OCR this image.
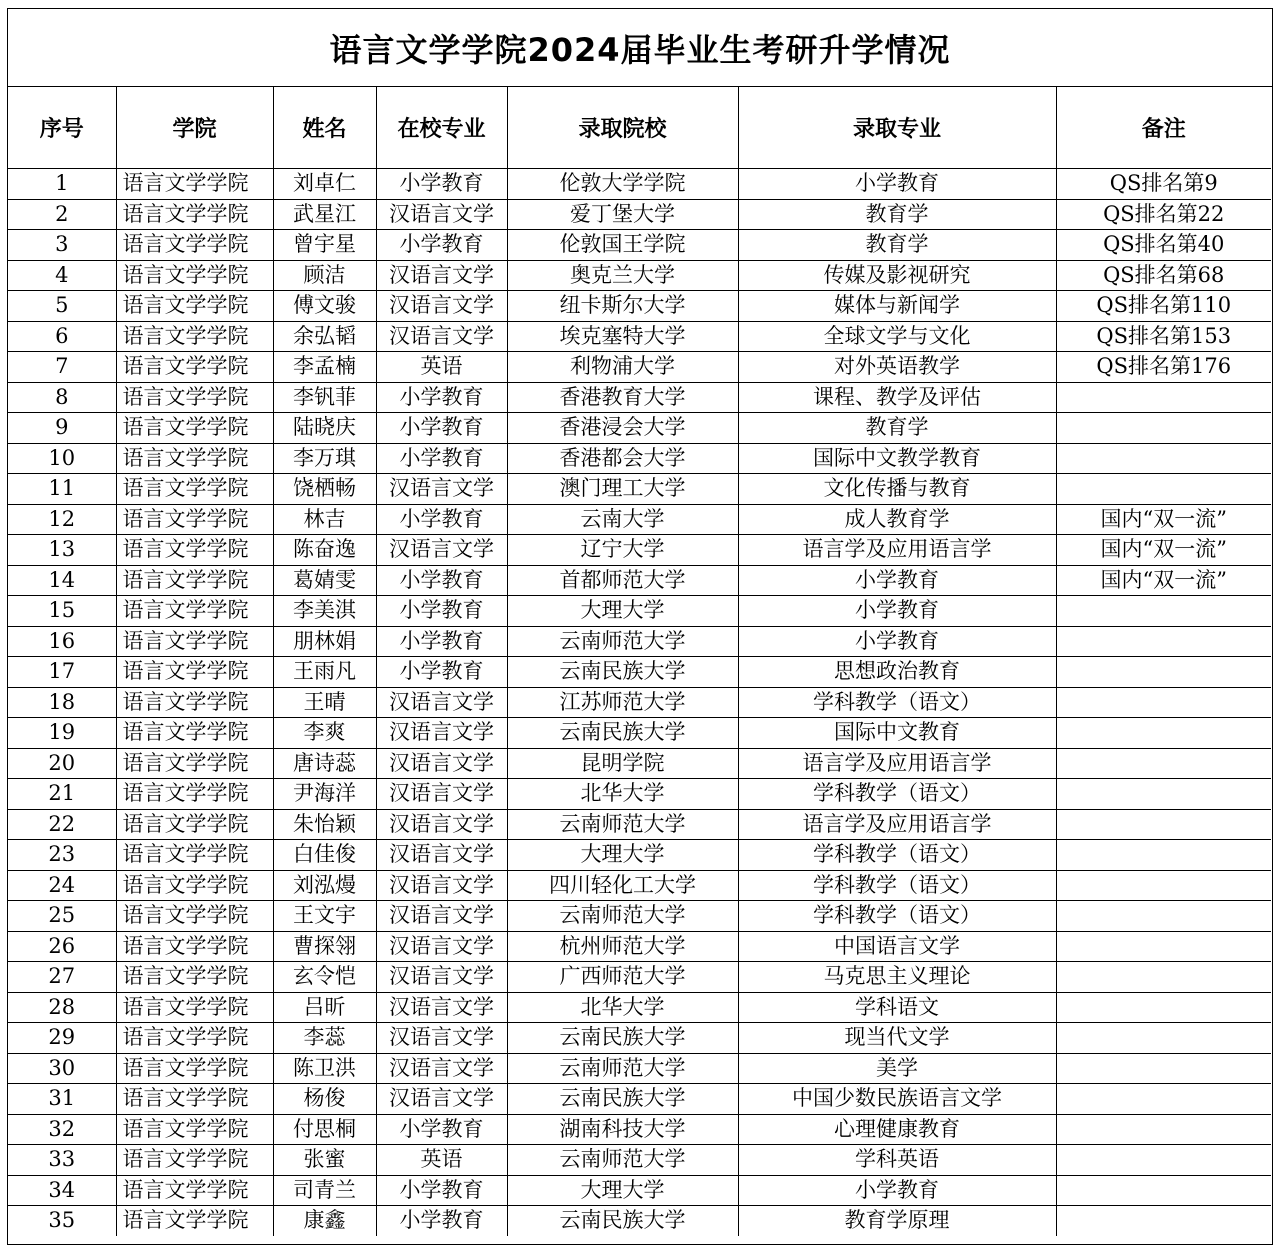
语言文学学院2024届毕业生考研升学情况
序号	学院	姓名	在校专业	录取院校	录取专业	备注
1	语言文学学院	刘卓仁	小学教育	伦敦大学学院	小学教育	QS排名第9
2	语言文学学院	武星江	汉语言文学	爱丁堡大学	教育学	QS排名第22
3	语言文学学院	曾宇星	小学教育	伦敦国王学院	教育学	QS排名第40
4	语言文学学院	顾洁	汉语言文学	奥克兰大学	传媒及影视研究	QS排名第68
5	语言文学学院	傅文骏	汉语言文学	纽卡斯尔大学	媒体与新闻学	QS排名第110
6	语言文学学院	余弘韬	汉语言文学	埃克塞特大学	全球文学与文化	QS排名第153
7	语言文学学院	李孟楠	英语	利物浦大学	对外英语教学	QS排名第176
8	语言文学学院	李钒菲	小学教育	香港教育大学	课程、教学及评估	
9	语言文学学院	陆晓庆	小学教育	香港浸会大学	教育学	
10	语言文学学院	李万琪	小学教育	香港都会大学	国际中文教学教育	
11	语言文学学院	饶栖畅	汉语言文学	澳门理工大学	文化传播与教育	
12	语言文学学院	林吉	小学教育	云南大学	成人教育学	国内“双一流”
13	语言文学学院	陈奋逸	汉语言文学	辽宁大学	语言学及应用语言学	国内“双一流”
14	语言文学学院	葛婧雯	小学教育	首都师范大学	小学教育	国内“双一流”
15	语言文学学院	李美淇	小学教育	大理大学	小学教育	
16	语言文学学院	朋林娟	小学教育	云南师范大学	小学教育	
17	语言文学学院	王雨凡	小学教育	云南民族大学	思想政治教育	
18	语言文学学院	王晴	汉语言文学	江苏师范大学	学科教学（语文）	
19	语言文学学院	李爽	汉语言文学	云南民族大学	国际中文教育	
20	语言文学学院	唐诗蕊	汉语言文学	昆明学院	语言学及应用语言学	
21	语言文学学院	尹海洋	汉语言文学	北华大学	学科教学（语文）	
22	语言文学学院	朱怡颖	汉语言文学	云南师范大学	语言学及应用语言学	
23	语言文学学院	白佳俊	汉语言文学	大理大学	学科教学（语文）	
24	语言文学学院	刘泓熳	汉语言文学	四川轻化工大学	学科教学（语文）	
25	语言文学学院	王文宇	汉语言文学	云南师范大学	学科教学（语文）	
26	语言文学学院	曹探翎	汉语言文学	杭州师范大学	中国语言文学	
27	语言文学学院	玄令恺	汉语言文学	广西师范大学	马克思主义理论	
28	语言文学学院	吕昕	汉语言文学	北华大学	学科语文	
29	语言文学学院	李蕊	汉语言文学	云南民族大学	现当代文学	
30	语言文学学院	陈卫洪	汉语言文学	云南师范大学	美学	
31	语言文学学院	杨俊	汉语言文学	云南民族大学	中国少数民族语言文学	
32	语言文学学院	付思桐	小学教育	湖南科技大学	心理健康教育	
33	语言文学学院	张蜜	英语	云南师范大学	学科英语	
34	语言文学学院	司青兰	小学教育	大理大学	小学教育	
35	语言文学学院	康鑫	小学教育	云南民族大学	教育学原理	
